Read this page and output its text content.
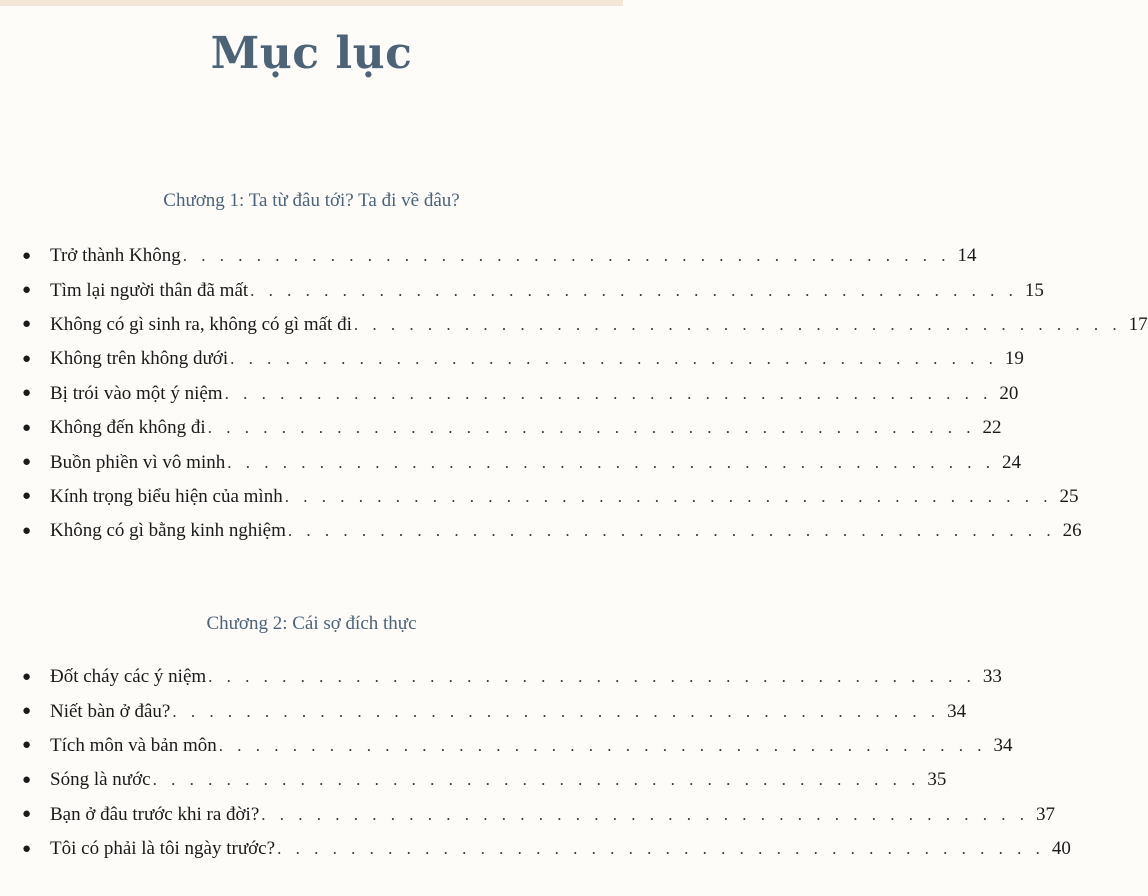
Mục lục
Chương 1: Ta từ đâu tới? Ta đi về đâu?
● Trở thành Không . . . . . . . . . . . . . . . . . . . . . . . . . . . . . . . . . . . . . . . . . . 14
● Tìm lại người thân đã mất . . . . . . . . . . . . . . . . . . . . . . . . . . . . . . . . . . . . . . . . . . 15
● Không có gì sinh ra, không có gì mất đi . . . . . . . . . . . . . . . . . . . . . . . . . . . . . . . . . . . . . . . . . . 17
● Không trên không dưới . . . . . . . . . . . . . . . . . . . . . . . . . . . . . . . . . . . . . . . . . . 19
● Bị trói vào một ý niệm . . . . . . . . . . . . . . . . . . . . . . . . . . . . . . . . . . . . . . . . . . 20
● Không đến không đi . . . . . . . . . . . . . . . . . . . . . . . . . . . . . . . . . . . . . . . . . . 22
● Buồn phiền vì vô minh . . . . . . . . . . . . . . . . . . . . . . . . . . . . . . . . . . . . . . . . . . 24
● Kính trọng biểu hiện của mình . . . . . . . . . . . . . . . . . . . . . . . . . . . . . . . . . . . . . . . . . . 25
● Không có gì bằng kinh nghiệm . . . . . . . . . . . . . . . . . . . . . . . . . . . . . . . . . . . . . . . . . . 26
Chương 2: Cái sợ đích thực
● Đốt cháy các ý niệm . . . . . . . . . . . . . . . . . . . . . . . . . . . . . . . . . . . . . . . . . . 33
● Niết bàn ở đâu? . . . . . . . . . . . . . . . . . . . . . . . . . . . . . . . . . . . . . . . . . . 34
● Tích môn và bản môn . . . . . . . . . . . . . . . . . . . . . . . . . . . . . . . . . . . . . . . . . . 34
● Sóng là nước . . . . . . . . . . . . . . . . . . . . . . . . . . . . . . . . . . . . . . . . . . 35
● Bạn ở đâu trước khi ra đời? . . . . . . . . . . . . . . . . . . . . . . . . . . . . . . . . . . . . . . . . . . 37
● Tôi có phải là tôi ngày trước? . . . . . . . . . . . . . . . . . . . . . . . . . . . . . . . . . . . . . . . . . . 40
